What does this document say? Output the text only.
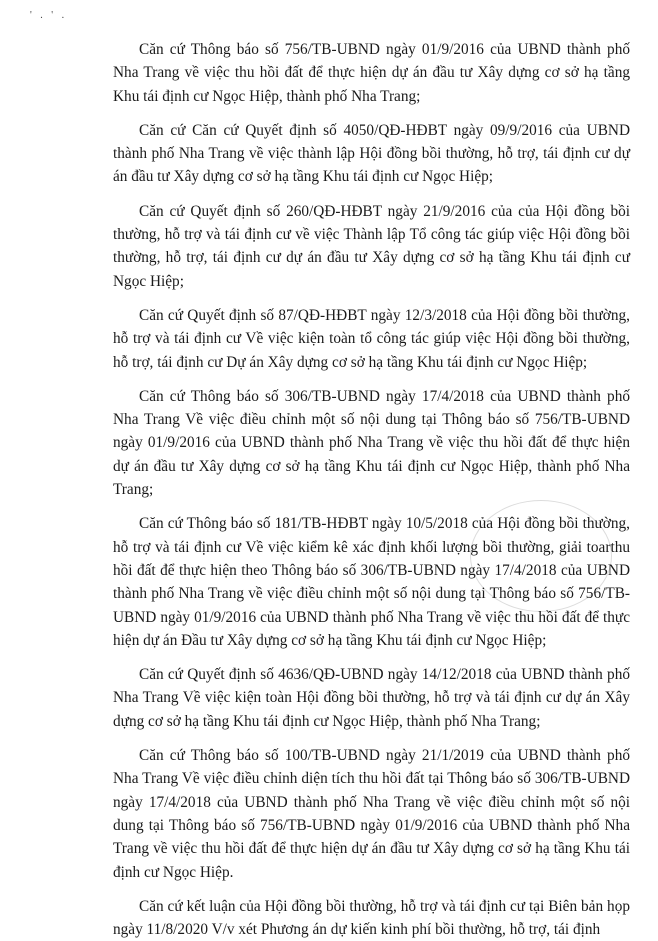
' . ' .

Căn cứ Thông báo số 756/TB-UBND ngày 01/9/2016 của UBND thành phố Nha Trang về việc thu hồi đất để thực hiện dự án đầu tư Xây dựng cơ sở hạ tầng Khu tái định cư Ngọc Hiệp, thành phố Nha Trang;

Căn cứ Căn cứ Quyết định số 4050/QĐ-HĐBT ngày 09/9/2016 của UBND thành phố Nha Trang về việc thành lập Hội đồng bồi thường, hỗ trợ, tái định cư dự án đầu tư Xây dựng cơ sở hạ tầng Khu tái định cư Ngọc Hiệp;

Căn cứ Quyết định số 260/QĐ-HĐBT ngày 21/9/2016 của của Hội đồng bồi thường, hỗ trợ và tái định cư về việc Thành lập Tổ công tác giúp việc Hội đồng bồi thường, hỗ trợ, tái định cư dự án đầu tư Xây dựng cơ sở hạ tầng Khu tái định cư Ngọc Hiệp;

Căn cứ Quyết định số 87/QĐ-HĐBT ngày 12/3/2018 của Hội đồng bồi thường, hỗ trợ và tái định cư Về việc kiện toàn tổ công tác giúp việc Hội đồng bồi thường, hỗ trợ, tái định cư Dự án Xây dựng cơ sở hạ tầng Khu tái định cư Ngọc Hiệp;

Căn cứ Thông báo số 306/TB-UBND ngày 17/4/2018 của UBND thành phố Nha Trang Về việc điều chỉnh một số nội dung tại Thông báo số 756/TB-UBND ngày 01/9/2016 của UBND thành phố Nha Trang về việc thu hồi đất để thực hiện dự án đầu tư Xây dựng cơ sở hạ tầng Khu tái định cư Ngọc Hiệp, thành phố Nha Trang;

Căn cứ Thông báo số 181/TB-HĐBT ngày 10/5/2018 của Hội đồng bồi thường, hỗ trợ và tái định cư Về việc kiểm kê xác định khối lượng bồi thường, giải toarthu hồi đất để thực hiện theo Thông báo số 306/TB-UBND ngày 17/4/2018 của UBND thành phố Nha Trang về việc điều chỉnh một số nội dung tại Thông báo số 756/TB-UBND ngày 01/9/2016 của UBND thành phố Nha Trang về việc thu hồi đất để thực hiện dự án Đầu tư Xây dựng cơ sở hạ tầng Khu tái định cư Ngọc Hiệp;

Căn cứ Quyết định số 4636/QĐ-UBND ngày 14/12/2018 của UBND thành phố Nha Trang Về việc kiện toàn Hội đồng bồi thường, hỗ trợ và tái định cư dự án Xây dựng cơ sở hạ tầng Khu tái định cư Ngọc Hiệp, thành phố Nha Trang;

Căn cứ Thông báo số 100/TB-UBND ngày 21/1/2019 của UBND thành phố Nha Trang Về việc điều chỉnh diện tích thu hồi đất tại Thông báo số 306/TB-UBND ngày 17/4/2018 của UBND thành phố Nha Trang về việc điều chỉnh một số nội dung tại Thông báo số 756/TB-UBND ngày 01/9/2016 của UBND thành phố Nha Trang về việc thu hồi đất để thực hiện dự án đầu tư Xây dựng cơ sở hạ tầng Khu tái định cư Ngọc Hiệp.

Căn cứ kết luận của Hội đồng bồi thường, hỗ trợ và tái định cư tại Biên bản họp ngày 11/8/2020 V/v xét Phương án dự kiến kinh phí bồi thường, hỗ trợ, tái định
